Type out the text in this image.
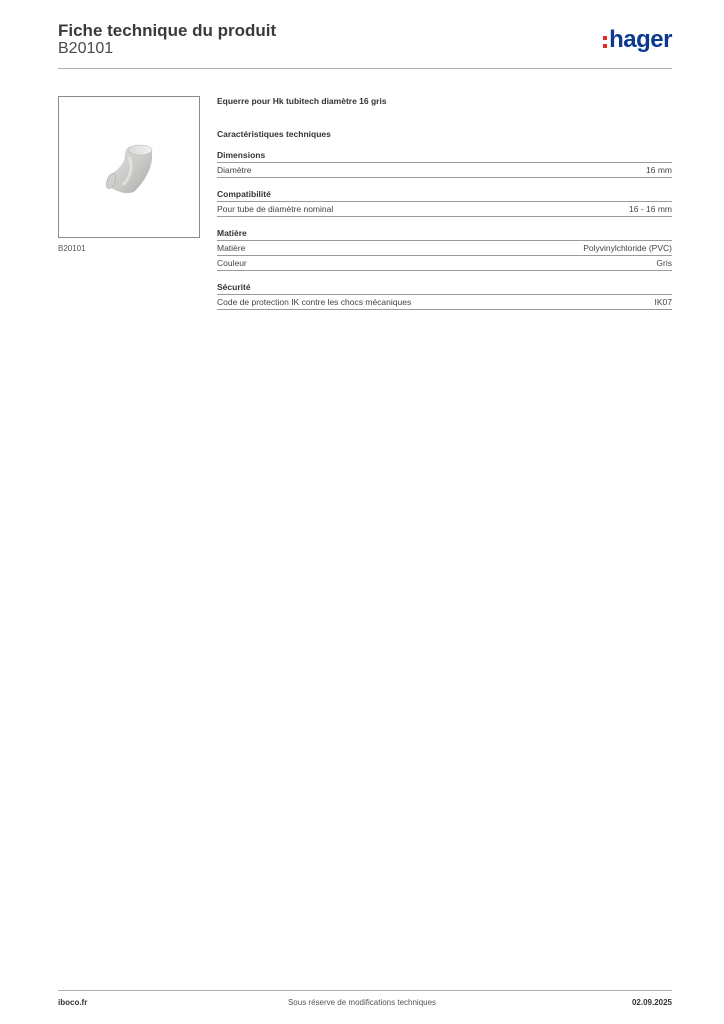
Fiche technique du produit
B20101	hager
B20101
Equerre pour Hk tubitech diamètre 16 gris
Caractéristiques techniques
Dimensions
Diamètre	16 mm
Compatibilité
Pour tube de diamètre nominal	16 - 16 mm
Matière
Matière	Polyvinylchloride (PVC)
Couleur	Gris
Sécurité
Code de protection IK contre les chocs mécaniques	IK07
iboco.fr	Sous réserve de modifications techniques	02.09.2025
